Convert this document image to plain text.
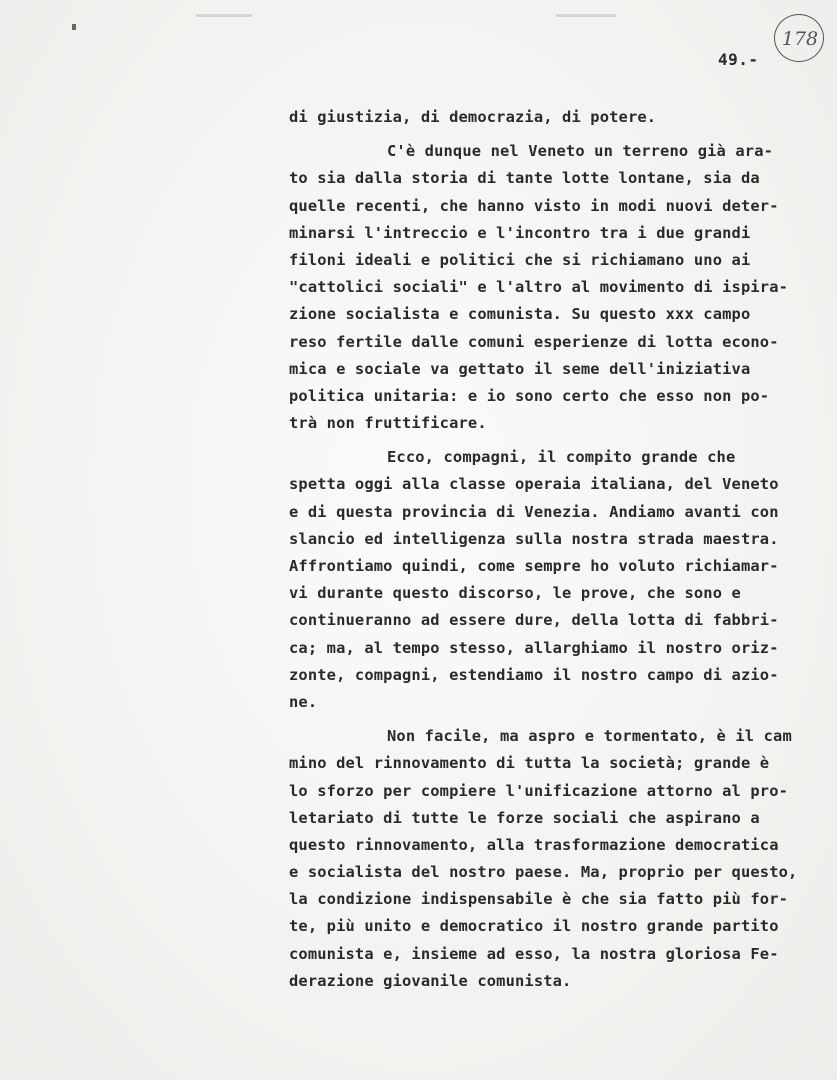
49.-
178
di giustizia, di democrazia, di potere.
C'è dunque nel Veneto un terreno già ara-
to sia dalla storia di tante lotte lontane, sia da
quelle recenti, che hanno visto in modi nuovi deter-
minarsi l'intreccio e l'incontro tra i due grandi
filoni ideali e politici che si richiamano uno ai
"cattolici sociali" e l'altro al movimento di ispira-
zione socialista e comunista. Su questo xxx campo
reso fertile dalle comuni esperienze di lotta econo-
mica e sociale va gettato il seme dell'iniziativa
politica unitaria: e io sono certo che esso non po-
trà non fruttificare.
Ecco, compagni, il compito grande che
spetta oggi alla classe operaia italiana, del Veneto
e di questa provincia di Venezia. Andiamo avanti con
slancio ed intelligenza sulla nostra strada maestra.
Affrontiamo quindi, come sempre ho voluto richiamar-
vi durante questo discorso, le prove, che sono e
continueranno ad essere dure, della lotta di fabbri-
ca; ma, al tempo stesso, allarghiamo il nostro oriz-
zonte, compagni, estendiamo il nostro campo di azio-
ne.
Non facile, ma aspro e tormentato, è il cam
mino del rinnovamento di tutta la società; grande è
lo sforzo per compiere l'unificazione attorno al pro-
letariato di tutte le forze sociali che aspirano a
questo rinnovamento, alla trasformazione democratica
e socialista del nostro paese. Ma, proprio per questo,
la condizione indispensabile è che sia fatto più for-
te, più unito e democratico il nostro grande partito
comunista e, insieme ad esso, la nostra gloriosa Fe-
derazione giovanile comunista.
